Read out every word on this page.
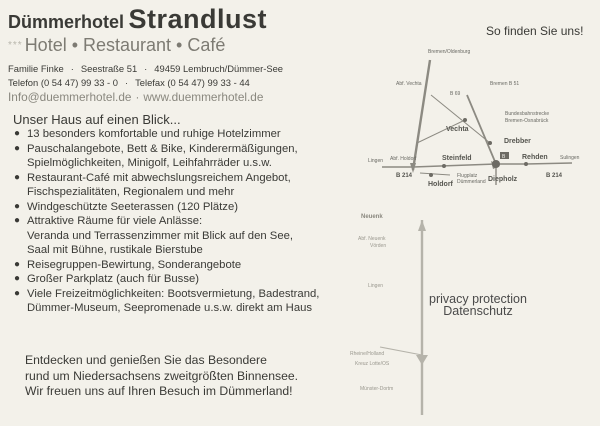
Dümmerhotel Strandlust
*** Hotel • Restaurant • Café
Familie Finke · Seestraße 51 · 49459 Lembruch/Dümmer-See
Telefon (0 54 47) 99 33 - 0 · Telefax (0 54 47) 99 33 - 44
Info@duemmerhotel.de · www.duemmerhotel.de
Unser Haus auf einen Blick...
● 13 besonders komfortable und ruhige Hotelzimmer
● Pauschalangebote, Bett & Bike, Kinderermäßigungen,
Spielmöglichkeiten, Minigolf, Leihfahrräder u.s.w.
● Restaurant-Café mit abwechslungsreichem Angebot,
Fischspezialitäten, Regionalem und mehr
● Windgeschützte Seeterassen (120 Plätze)
● Attraktive Räume für viele Anlässe:
Veranda und Terrassenzimmer mit Blick auf den See,
Saal mit Bühne, rustikale Bierstube
● Reisegruppen-Bewirtung, Sonderangebote
● Großer Parkplatz (auch für Busse)
● Viele Freizeitmöglichkeiten: Bootsvermietung, Badestrand,
Dümmer-Museum, Seepromenade u.s.w. direkt am Haus
Entdecken und genießen Sie das Besondere
rund um Niedersachsens zweitgrößten Binnensee.
Wir freuen uns auf Ihren Besuch im Dümmerland!
So finden Sie uns!
Bremen/Oldenburg
Abf. Vechta
B 69
Bremen B 51
Bundesbahnstrecke
Bremen-Osnabrück
Vechta
Drebber
Lingen Abf. Holdorf	Steinfeld	B Rehden Sulingen
B 214	B 214
Holdorf
Flugplatz
Dümmerland Diepholz
Neuenk
Abf. Neuenk
Vörden
Lingen
Rheine/Holland
Kreuz Lotte/OS
Münster-Dortm
privacy protection
Datenschutz
